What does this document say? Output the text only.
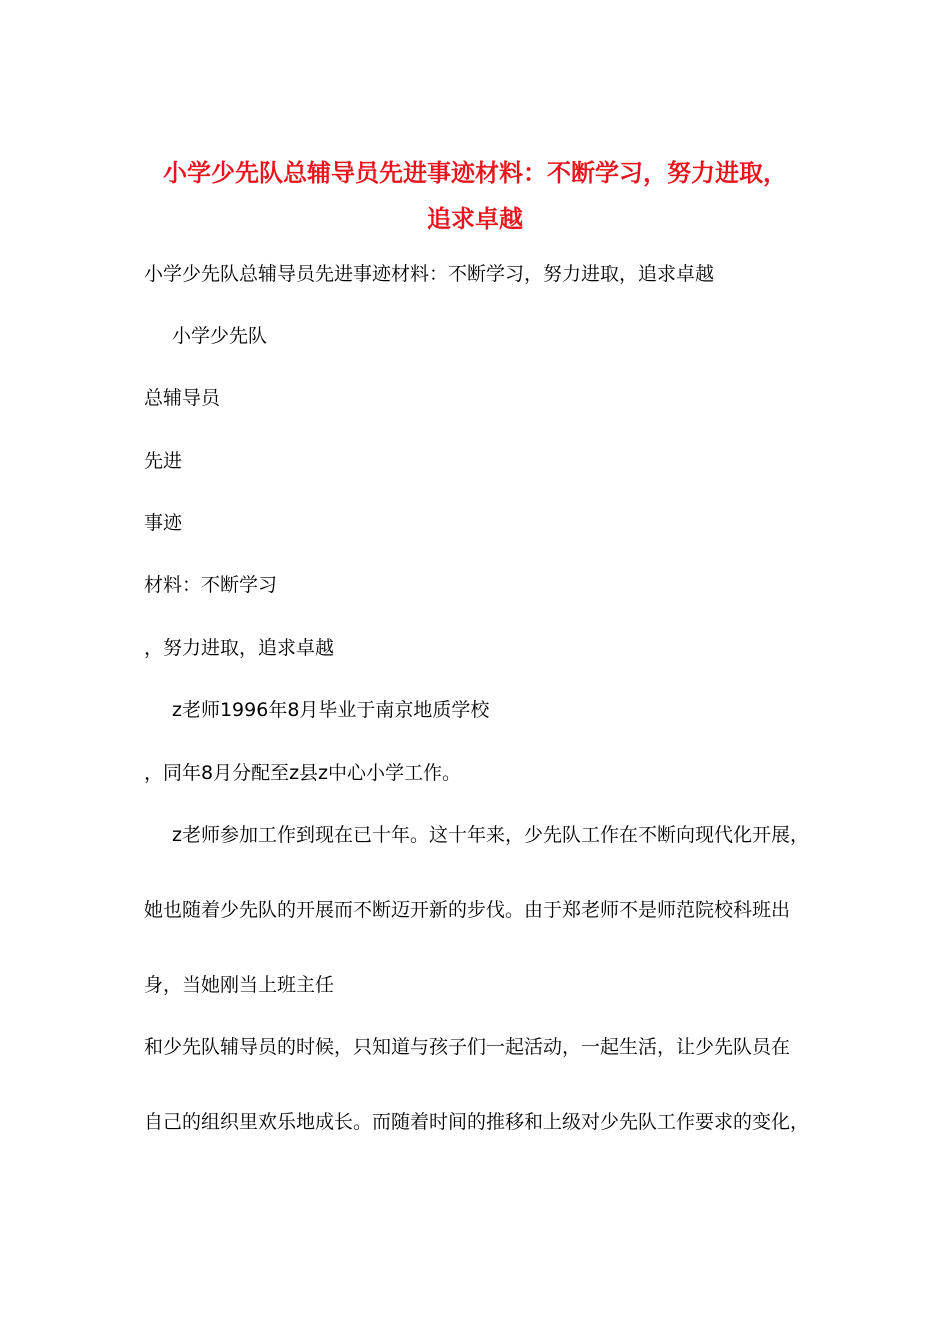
小学少先队总辅导员先进事迹材料：不断学习，努力进取，
追求卓越
小学少先队总辅导员先进事迹材料：不断学习，努力进取，追求卓越
小学少先队
总辅导员
先进
事迹
材料：不断学习
，努力进取，追求卓越
z老师1996年8月毕业于南京地质学校
，同年8月分配至z县z中心小学工作。
z老师参加工作到现在已十年。这十年来，少先队工作在不断向现代化开展，
她也随着少先队的开展而不断迈开新的步伐。由于郑老师不是师范院校科班出
身，当她刚当上班主任
和少先队辅导员的时候，只知道与孩子们一起活动，一起生活，让少先队员在
自己的组织里欢乐地成长。而随着时间的推移和上级对少先队工作要求的变化，
